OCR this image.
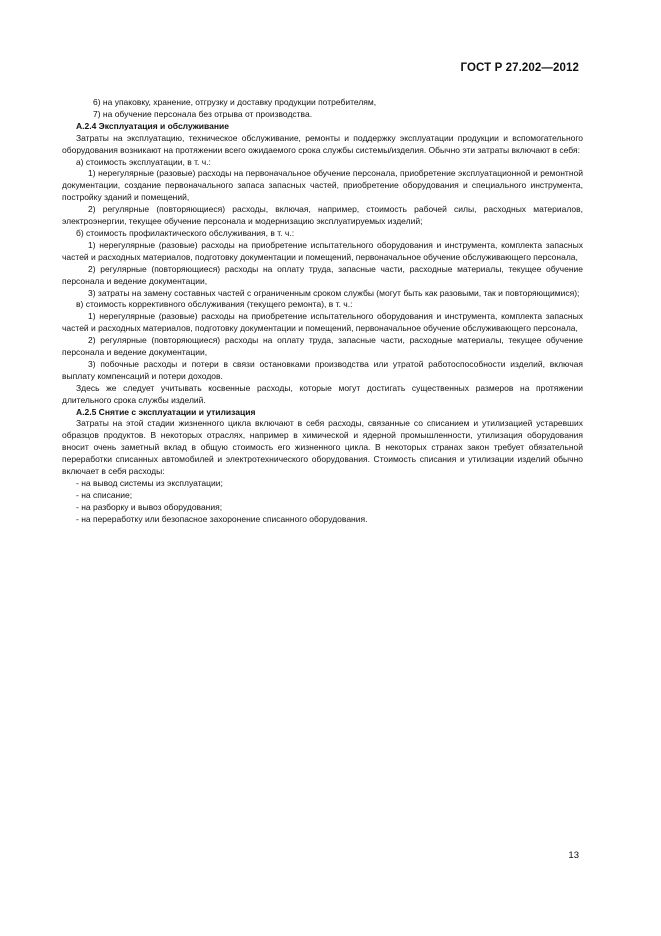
ГОСТ Р 27.202—2012

6) на упаковку, хранение, отгрузку и доставку продукции потребителям,

7) на обучение персонала без отрыва от производства.

А.2.4 Эксплуатация и обслуживание

Затраты на эксплуатацию, техническое обслуживание, ремонты и поддержку эксплуатации продукции и вспомогательного оборудования возникают на протяжении всего ожидаемого срока службы системы/изделия. Обычно эти затраты включают в себя:

а) стоимость эксплуатации, в т. ч.:

1) нерегулярные (разовые) расходы на первоначальное обучение персонала, приобретение эксплуатационной и ремонтной документации, создание первоначального запаса запасных частей, приобретение оборудования и специального инструмента, постройку зданий и помещений,

2) регулярные (повторяющиеся) расходы, включая, например, стоимость рабочей силы, расходных материалов, электроэнергии, текущее обучение персонала и модернизацию эксплуатируемых изделий;

б) стоимость профилактического обслуживания, в т. ч.:

1) нерегулярные (разовые) расходы на приобретение испытательного оборудования и инструмента, комплекта запасных частей и расходных материалов, подготовку документации и помещений, первоначальное обучение обслуживающего персонала,

2) регулярные (повторяющиеся) расходы на оплату труда, запасные части, расходные материалы, текущее обучение персонала и ведение документации,

3) затраты на замену составных частей с ограниченным сроком службы (могут быть как разовыми, так и повторяющимися);

в) стоимость коррективного обслуживания (текущего ремонта), в т. ч.:

1) нерегулярные (разовые) расходы на приобретение испытательного оборудования и инструмента, комплекта запасных частей и расходных материалов, подготовку документации и помещений, первоначальное обучение обслуживающего персонала,

2) регулярные (повторяющиеся) расходы на оплату труда, запасные части, расходные материалы, текущее обучение персонала и ведение документации,

3) побочные расходы и потери в связи остановками производства или утратой работоспособности изделий, включая выплату компенсаций и потери доходов.

Здесь же следует учитывать косвенные расходы, которые могут достигать существенных размеров на протяжении длительного срока службы изделий.

А.2.5 Снятие с эксплуатации и утилизация

Затраты на этой стадии жизненного цикла включают в себя расходы, связанные со списанием и утилизацией устаревших образцов продуктов. В некоторых отраслях, например в химической и ядерной промышленности, утилизация оборудования вносит очень заметный вклад в общую стоимость его жизненного цикла. В некоторых странах закон требует обязательной переработки списанных автомобилей и электротехнического оборудования. Стоимость списания и утилизации изделий обычно включает в себя расходы:

- на вывод системы из эксплуатации;

- на списание;

- на разборку и вывоз оборудования;

- на переработку или безопасное захоронение списанного оборудования.

13
